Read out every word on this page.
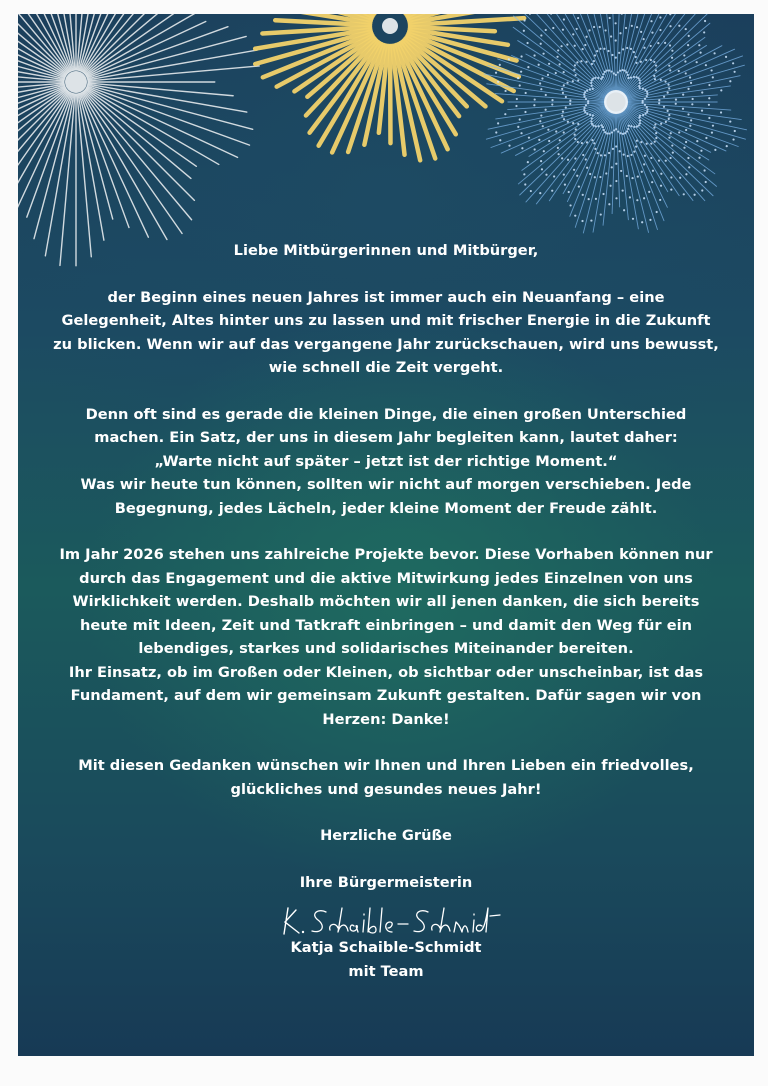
Liebe Mitbürgerinnen und Mitbürger,

der Beginn eines neuen Jahres ist immer auch ein Neuanfang – eine
Gelegenheit, Altes hinter uns zu lassen und mit frischer Energie in die Zukunft
zu blicken. Wenn wir auf das vergangene Jahr zurückschauen, wird uns bewusst,
wie schnell die Zeit vergeht.

Denn oft sind es gerade die kleinen Dinge, die einen großen Unterschied
machen. Ein Satz, der uns in diesem Jahr begleiten kann, lautet daher:
„Warte nicht auf später – jetzt ist der richtige Moment.“
Was wir heute tun können, sollten wir nicht auf morgen verschieben. Jede
Begegnung, jedes Lächeln, jeder kleine Moment der Freude zählt.

Im Jahr 2026 stehen uns zahlreiche Projekte bevor. Diese Vorhaben können nur
durch das Engagement und die aktive Mitwirkung jedes Einzelnen von uns
Wirklichkeit werden. Deshalb möchten wir all jenen danken, die sich bereits
heute mit Ideen, Zeit und Tatkraft einbringen – und damit den Weg für ein
lebendiges, starkes und solidarisches Miteinander bereiten.
Ihr Einsatz, ob im Großen oder Kleinen, ob sichtbar oder unscheinbar, ist das
Fundament, auf dem wir gemeinsam Zukunft gestalten. Dafür sagen wir von
Herzen: Danke!

Mit diesen Gedanken wünschen wir Ihnen und Ihren Lieben ein friedvolles,
glückliches und gesundes neues Jahr!

Herzliche Grüße

Ihre Bürgermeisterin

Katja Schaible-Schmidt

mit Team
